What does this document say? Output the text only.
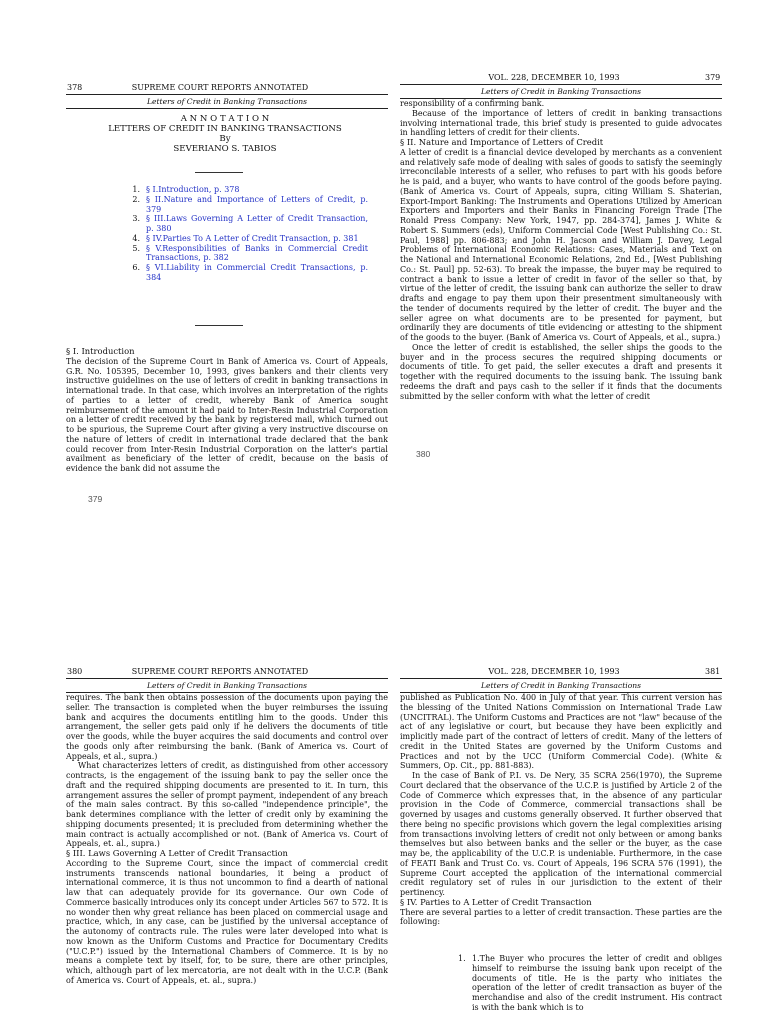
378	SUPREME COURT REPORTS ANNOTATED
Letters of Credit in Banking Transactions
A N N O T A T I O N
LETTERS OF CREDIT IN BANKING TRANSACTIONS
By
SEVERIANO S. TABIOS
1. § I.Introduction, p. 378
2. § II.Nature and Importance of Letters of Credit, p. 379
3. § III.Laws Governing A Letter of Credit Transaction, p. 380
4. § IV.Parties To A Letter of Credit Transaction, p. 381
5. § V.Responsibilities of Banks in Commercial Credit Transactions, p. 382
6. § VI.Liability in Commercial Credit Transactions, p. 384

§ I. Introduction

The decision of the Supreme Court in Bank of America vs. Court of Appeals, G.R. No. 105395, December 10, 1993, gives bankers and their clients very instructive guidelines on the use of letters of credit in banking transactions in international trade. In that case, which involves an interpretation of the rights of parties to a letter of credit, whereby Bank of America sought reimbursement of the amount it had paid to Inter-Resin Industrial Corporation on a letter of credit received by the bank by registered mail, which turned out to be spurious, the Supreme Court after giving a very instructive discourse on the nature of letters of credit in international trade declared that the bank could recover from Inter-Resin Industrial Corporation on the latter's partial availment as beneficiary of the letter of credit, because on the basis of evidence the bank did not assume the

379
VOL. 228, DECEMBER 10, 1993	379
Letters of Credit in Banking Transactions

responsibility of a confirming bank.

Because of the importance of letters of credit in banking transactions involving international trade, this brief study is presented to guide advocates in handling letters of credit for their clients.

§ II. Nature and Importance of Letters of Credit

A letter of credit is a financial device developed by merchants as a convenient and relatively safe mode of dealing with sales of goods to satisfy the seemingly irreconcilable interests of a seller, who refuses to part with his goods before he is paid, and a buyer, who wants to have control of the goods before paying. (Bank of America vs. Court of Appeals, supra, citing William S. Shaterian, Export-Import Banking: The Instruments and Operations Utilized by American Exporters and Importers and their Banks in Financing Foreign Trade [The Ronald Press Company: New York, 1947, pp. 284-374], James J. White & Robert S. Summers (eds), Uniform Commercial Code [West Publishing Co.: St. Paul, 1988] pp. 806-883; and John H. Jacson and William J. Davey, Legal Problems of International Economic Relations: Cases, Materials and Text on the National and International Economic Relations, 2nd Ed., [West Publishing Co.: St. Paul] pp. 52-63). To break the impasse, the buyer may be required to contract a bank to issue a letter of credit in favor of the seller so that, by virtue of the letter of credit, the issuing bank can authorize the seller to draw drafts and engage to pay them upon their presentment simultaneously with the tender of documents required by the letter of credit. The buyer and the seller agree on what documents are to be presented for payment, but ordinarily they are documents of title evidencing or attesting to the shipment of the goods to the buyer. (Bank of America vs. Court of Appeals, et al., supra.)

Once the letter of credit is established, the seller ships the goods to the buyer and in the process secures the required shipping documents or documents of title. To get paid, the seller executes a draft and presents it together with the required documents to the issuing bank. The issuing bank redeems the draft and pays cash to the seller if it finds that the documents submitted by the seller conform with what the letter of credit

380
380	SUPREME COURT REPORTS ANNOTATED
Letters of Credit in Banking Transactions

requires. The bank then obtains possession of the documents upon paying the seller. The transaction is completed when the buyer reimburses the issuing bank and acquires the documents entitling him to the goods. Under this arrangement, the seller gets paid only if he delivers the documents of title over the goods, while the buyer acquires the said documents and control over the goods only after reimbursing the bank. (Bank of America vs. Court of Appeals, et al., supra.)

What characterizes letters of credit, as distinguished from other accessory contracts, is the engagement of the issuing bank to pay the seller once the draft and the required shipping documents are presented to it. In turn, this arrangement assures the seller of prompt payment, independent of any breach of the main sales contract. By this so-called "independence principle", the bank determines compliance with the letter of credit only by examining the shipping documents presented; it is precluded from determining whether the main contract is actually accomplished or not. (Bank of America vs. Court of Appeals, et. al., supra.)

§ III. Laws Governing A Letter of Credit Transaction

According to the Supreme Court, since the impact of commercial credit instruments transcends national boundaries, it being a product of international commerce, it is thus not uncommon to find a dearth of national law that can adequately provide for its governance. Our own Code of Commerce basically introduces only its concept under Articles 567 to 572. It is no wonder then why great reliance has been placed on commercial usage and practice, which, in any case, can be justified by the universal acceptance of the autonomy of contracts rule. The rules were later developed into what is now known as the Uniform Customs and Practice for Documentary Credits ("U.C.P.") issued by the International Chambers of Commerce. It is by no means a complete text by itself, for, to be sure, there are other principles, which, although part of lex mercatoria, are not dealt with in the U.C.P. (Bank of America vs. Court of Appeals, et. al., supra.)

VOL. 228, DECEMBER 10, 1993	381
Letters of Credit in Banking Transactions

published as Publication No. 400 in July of that year. This current version has the blessing of the United Nations Commission on International Trade Law (UNCITRAL). The Uniform Customs and Practices are not "law" because of the act of any legislative or court, but because they have been explicitly and implicitly made part of the contract of letters of credit. Many of the letters of credit in the United States are governed by the Uniform Customs and Practices and not by the UCC (Uniform Commercial Code). (White & Summers, Op. Cit., pp. 881-883).

In the case of Bank of P.I. vs. De Nery, 35 SCRA 256(1970), the Supreme Court declared that the observance of the U.C.P. is justified by Article 2 of the Code of Commerce which expresses that, in the absence of any particular provision in the Code of Commerce, commercial transactions shall be governed by usages and customs generally observed. It further observed that there being no specific provisions which govern the legal complexities arising from transactions involving letters of credit not only between or among banks themselves but also between banks and the seller or the buyer, as the case may be, the applicability of the U.C.P. is undeniable. Furthermore, in the case of FEATI Bank and Trust Co. vs. Court of Appeals, 196 SCRA 576 (1991), the Supreme Court accepted the application of the international commercial credit regulatory set of rules in our jurisdiction to the extent of their pertinency.

§ IV. Parties to A Letter of Credit Transaction

There are several parties to a letter of credit transaction. These parties are the following:

1. 1.The Buyer who procures the letter of credit and obliges himself to reimburse the issuing bank upon receipt of the documents of title. He is the party who initiates the operation of the letter of credit transaction as buyer of the merchandise and also of the credit instrument. His contract is with the bank which is to
